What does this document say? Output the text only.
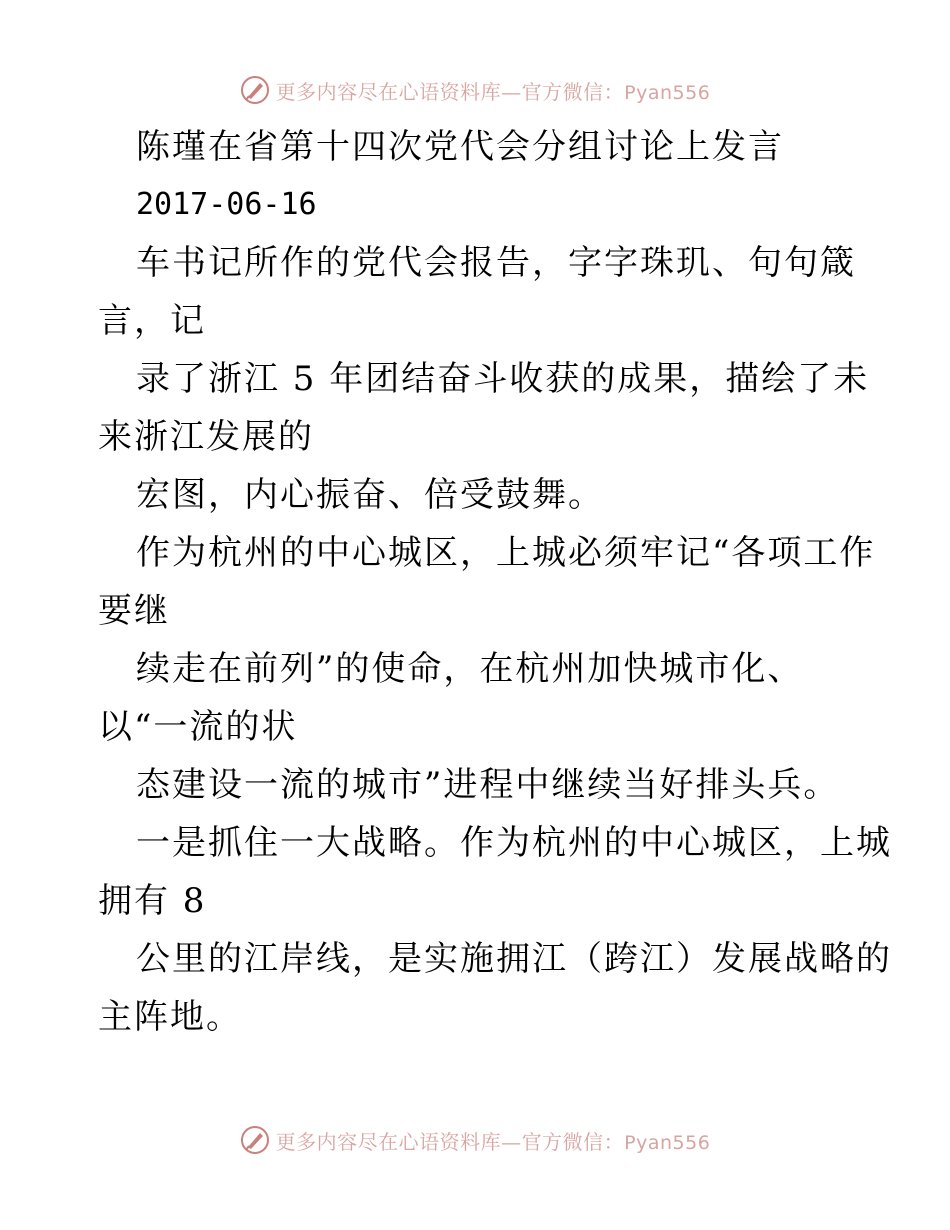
更多内容尽在心语资料库—官方微信：Pyan556
陈瑾在省第十四次党代会分组讨论上发言
2017-06-16
车书记所作的党代会报告，字字珠玑、句句箴
言，记
录了浙江 5 年团结奋斗收获的成果，描绘了未
来浙江发展的
宏图，内心振奋、倍受鼓舞。
作为杭州的中心城区，上城必须牢记“各项工作
要继
续走在前列”的使命，在杭州加快城市化、
以“一流的状
态建设一流的城市”进程中继续当好排头兵。
一是抓住一大战略。作为杭州的中心城区，上城
拥有 8
公里的江岸线，是实施拥江（跨江）发展战略的
主阵地。
更多内容尽在心语资料库—官方微信：Pyan556
